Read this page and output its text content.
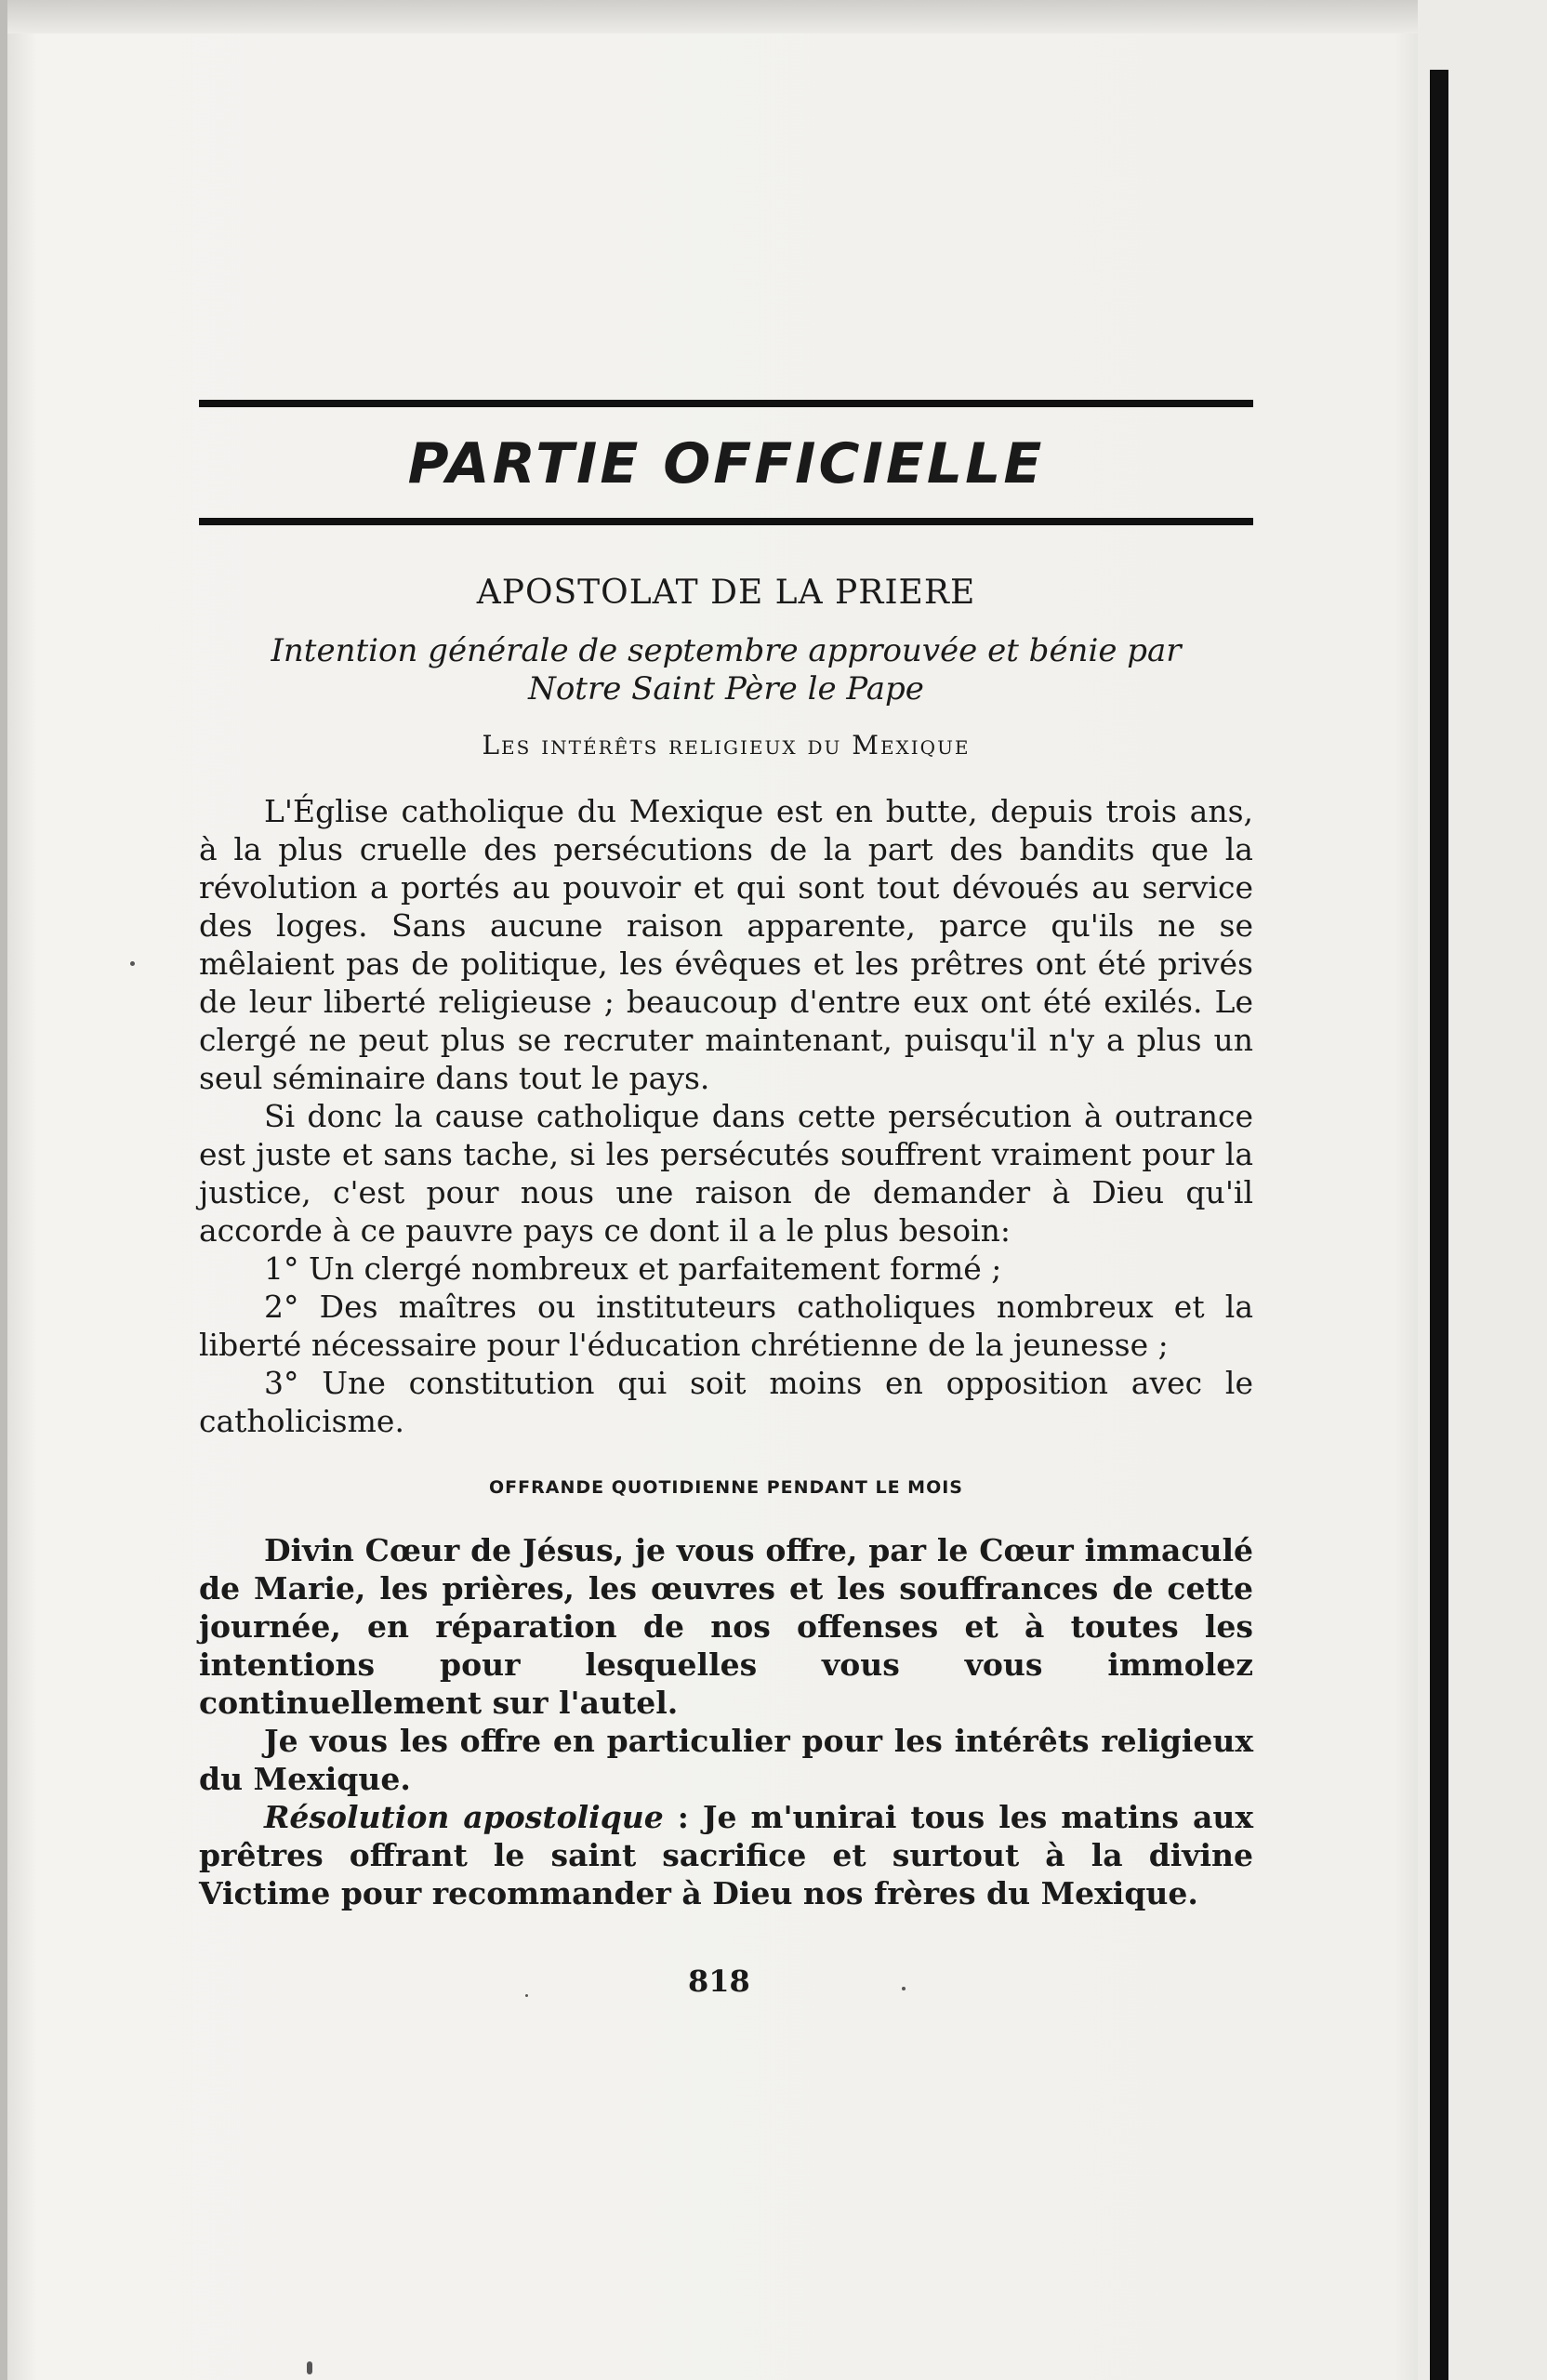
PARTIE OFFICIELLE
APOSTOLAT DE LA PRIERE
Intention générale de septembre approuvée et bénie par
Notre Saint Père le Pape
Les intérêts religieux du Mexique

L'Église catholique du Mexique est en butte, depuis trois ans, à la plus cruelle des persécutions de la part des bandits que la révolution a portés au pouvoir et qui sont tout dévoués au service des loges. Sans aucune raison apparente, parce qu'ils ne se mêlaient pas de politique, les évêques et les prêtres ont été privés de leur liberté religieuse ; beaucoup d'entre eux ont été exilés. Le clergé ne peut plus se recruter maintenant, puisqu'il n'y a plus un seul séminaire dans tout le pays.

Si donc la cause catholique dans cette persécution à outrance est juste et sans tache, si les persécutés souffrent vraiment pour la justice, c'est pour nous une raison de demander à Dieu qu'il accorde à ce pauvre pays ce dont il a le plus besoin:

1° Un clergé nombreux et parfaitement formé ;

2° Des maîtres ou instituteurs catholiques nombreux et la liberté nécessaire pour l'éducation chrétienne de la jeunesse ;

3° Une constitution qui soit moins en opposition avec le catholicisme.

OFFRANDE QUOTIDIENNE PENDANT LE MOIS

Divin Cœur de Jésus, je vous offre, par le Cœur immaculé de Marie, les prières, les œuvres et les souffrances de cette journée, en réparation de nos offenses et à toutes les intentions pour lesquelles vous vous immolez continuellement sur l'autel.

Je vous les offre en particulier pour les intérêts religieux du Mexique.

Résolution apostolique : Je m'unirai tous les matins aux prêtres offrant le saint sacrifice et surtout à la divine Victime pour recommander à Dieu nos frères du Mexique.

818
